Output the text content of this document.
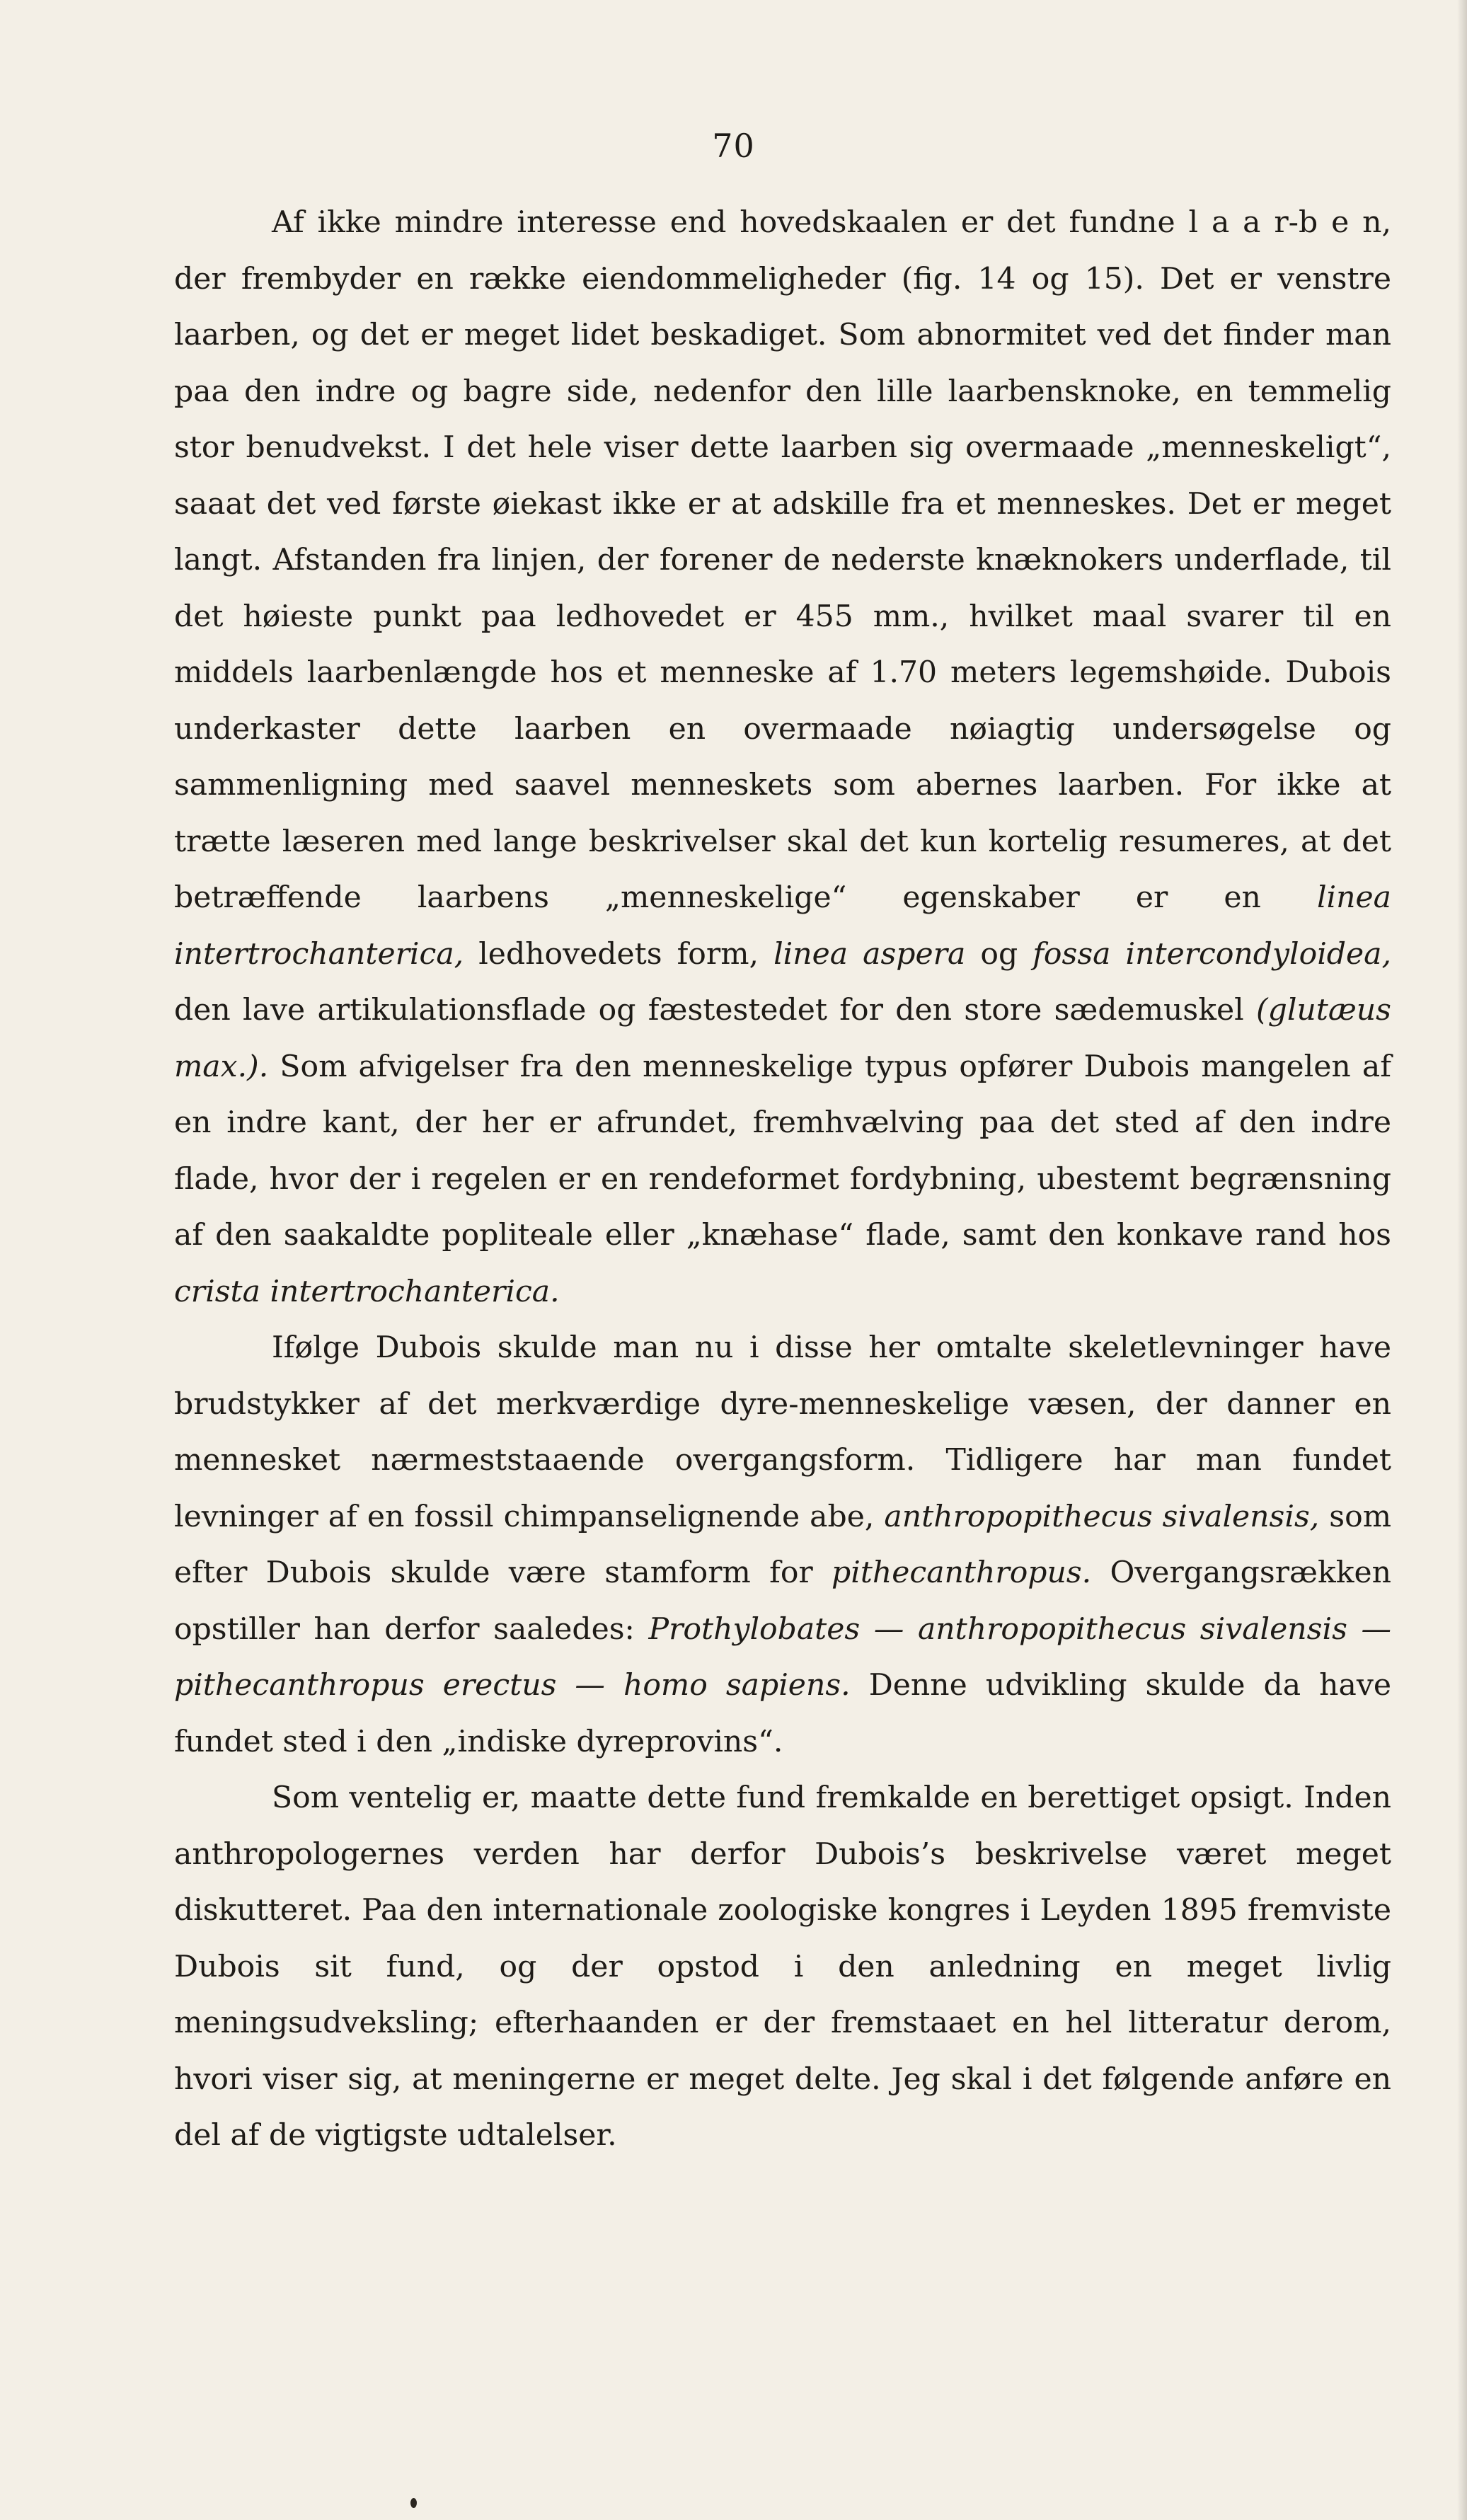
70

Af ikke mindre interesse end hovedskaalen er det fundne l a a r-b e n, der frembyder en række eiendommeligheder (fig. 14 og 15). Det er venstre laarben, og det er meget lidet beskadiget. Som abnormitet ved det finder man paa den indre og bagre side, nedenfor den lille laarbensknoke, en temmelig stor benudvekst. I det hele viser dette laarben sig overmaade „menneskeligt“, saaat det ved første øiekast ikke er at adskille fra et menneskes. Det er meget langt. Afstanden fra linjen, der forener de nederste knæknokers underflade, til det høieste punkt paa ledhovedet er 455 mm., hvilket maal svarer til en middels laarbenlængde hos et menneske af 1.70 meters legemshøide. Dubois underkaster dette laarben en overmaade nøiagtig undersøgelse og sammenligning med saavel menneskets som abernes laarben. For ikke at trætte læseren med lange beskrivelser skal det kun kortelig resumeres, at det betræffende laarbens „menneskelige“ egenskaber er en linea intertrochanterica, ledhovedets form, linea aspera og fossa intercondyloidea, den lave artikulationsflade og fæstestedet for den store sædemuskel (glutæus max.). Som afvigelser fra den menneskelige typus opfører Dubois mangelen af en indre kant, der her er afrundet, fremhvælving paa det sted af den indre flade, hvor der i regelen er en rendeformet fordybning, ubestemt begrænsning af den saakaldte popliteale eller „knæhase“ flade, samt den konkave rand hos crista intertrochanterica.

Ifølge Dubois skulde man nu i disse her omtalte skeletlevninger have brudstykker af det merkværdige dyre-menneskelige væsen, der danner en mennesket nærmeststaaende overgangsform. Tidligere har man fundet levninger af en fossil chimpanselignende abe, anthropopithecus sivalensis, som efter Dubois skulde være stamform for pithecanthropus. Overgangsrækken opstiller han derfor saaledes: Prothylobates — anthropopithecus sivalensis — pithecanthropus erectus — homo sapiens. Denne udvikling skulde da have fundet sted i den „indiske dyreprovins“.

Som ventelig er, maatte dette fund fremkalde en berettiget opsigt. Inden anthropologernes verden har derfor Dubois’s beskrivelse været meget diskutteret. Paa den internationale zoologiske kongres i Leyden 1895 fremviste Dubois sit fund, og der opstod i den anledning en meget livlig meningsudveksling; efterhaanden er der fremstaaet en hel litteratur derom, hvori viser sig, at meningerne er meget delte. Jeg skal i det følgende anføre en del af de vigtigste udtalelser.
